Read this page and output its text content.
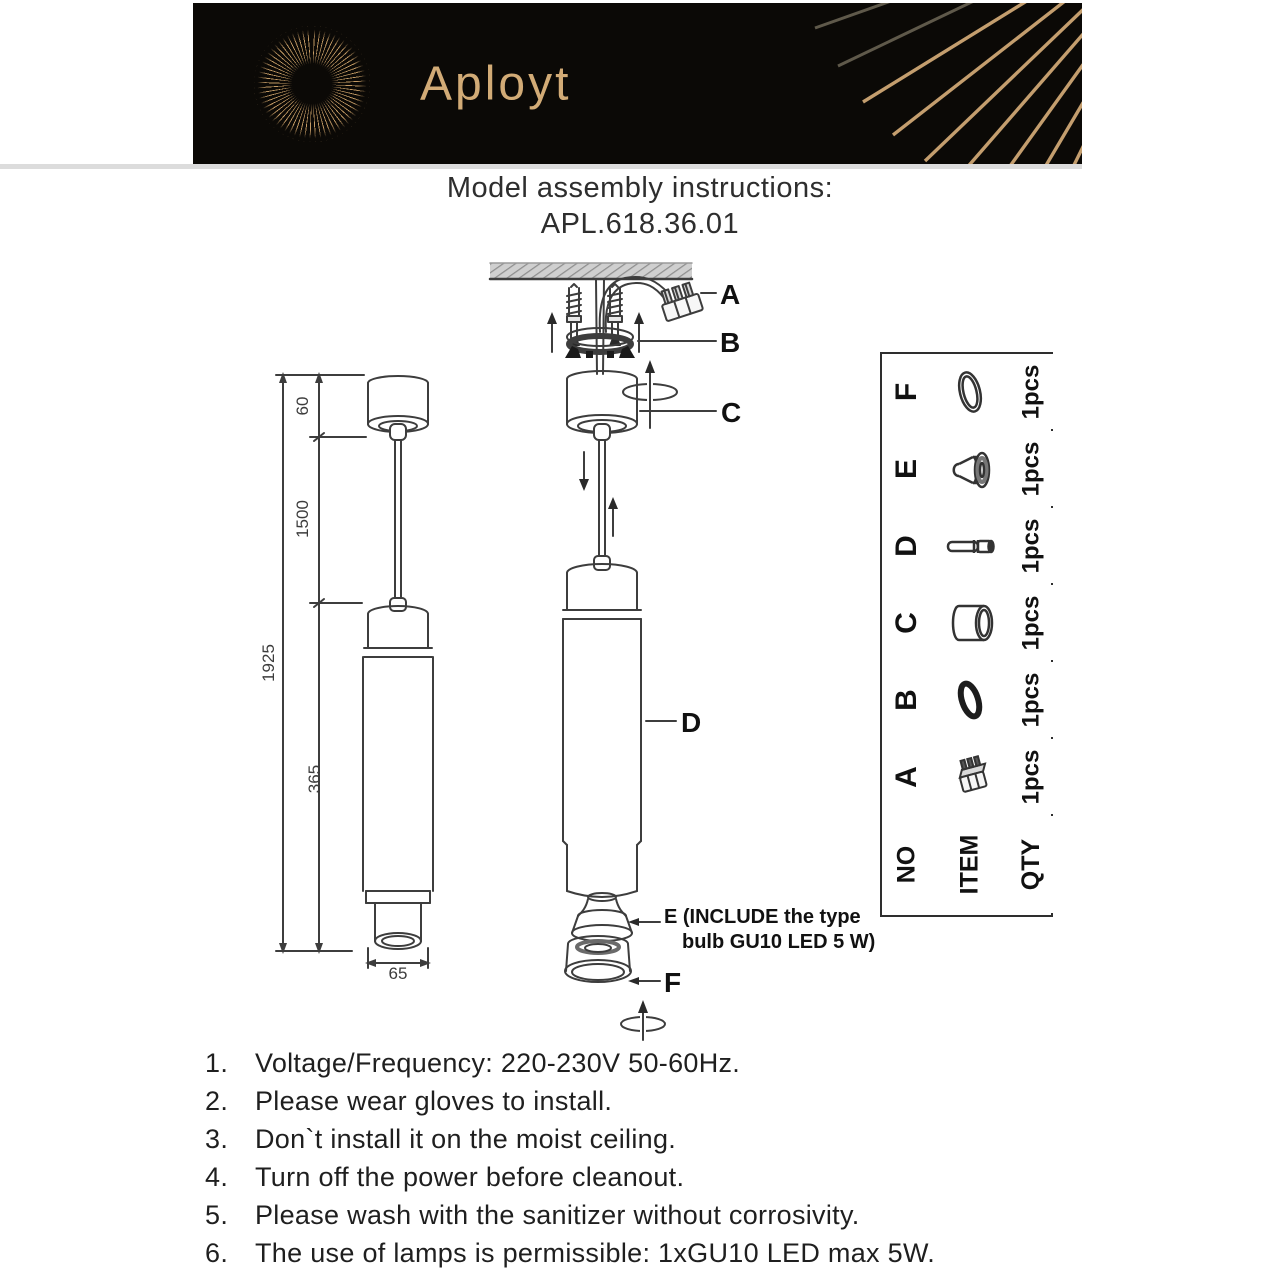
Aployt
Model assembly instructions:
APL.618.36.01
A
B
C
D
F
E (INCLUDE the type
bulb GU10 LED 5 W)
60
1500
1925
365
65
F	1pcs
E	1pcs
D	1pcs
C	1pcs
B	1pcs
A	1pcs
NO ITEM QTY
1. Voltage/Frequency: 220-230V 50-60Hz.
2. Please wear gloves to install.
3. Don`t install it on the moist ceiling.
4. Turn off the power before cleanout.
5. Please wash with the sanitizer without corrosivity.
6. The use of lamps is permissible: 1xGU10 LED max 5W.
